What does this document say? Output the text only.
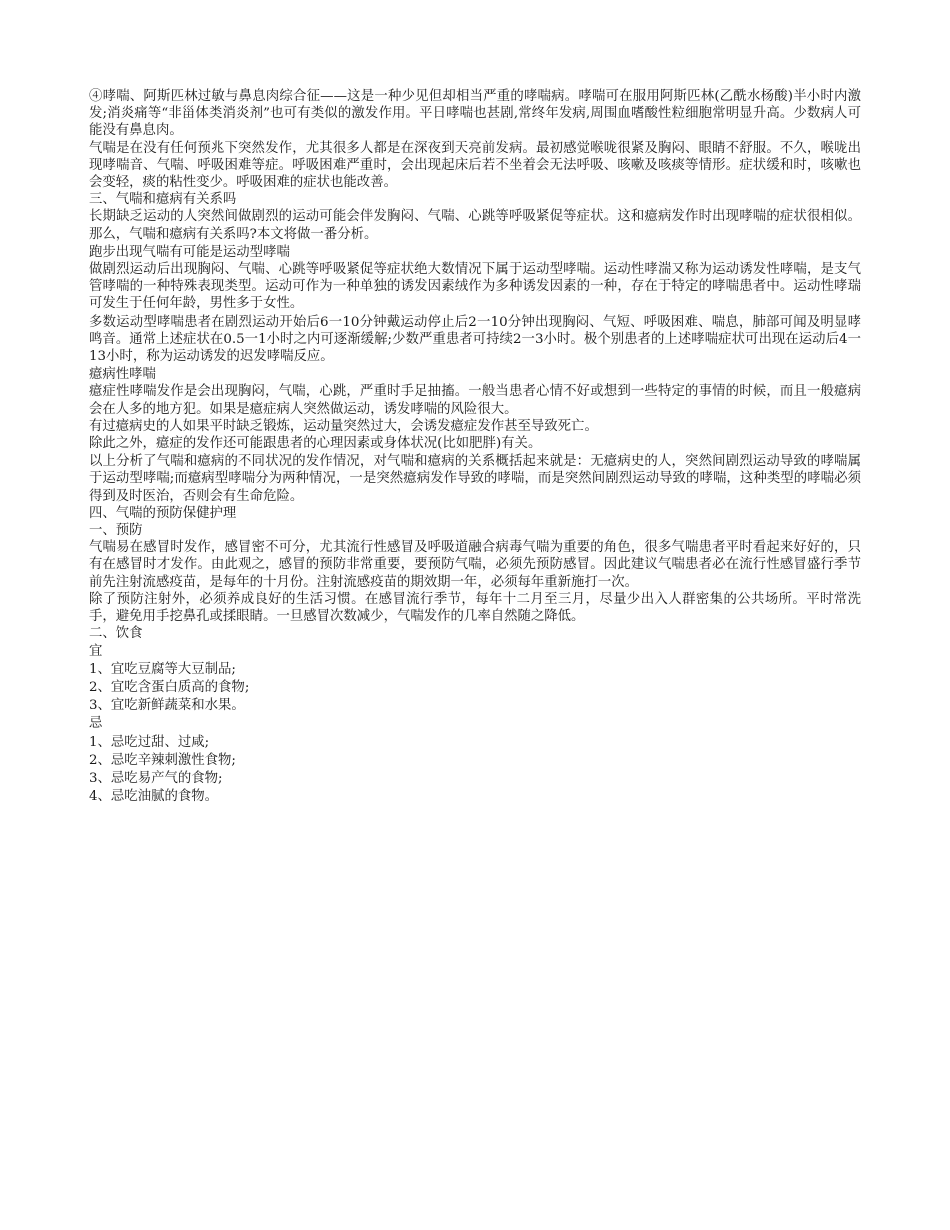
④哮喘、阿斯匹林过敏与鼻息肉综合征——这是一种少见但却相当严重的哮喘病。哮喘可在服用阿斯匹林(乙酰水杨酸)半小时内激发;消炎痛等“非甾体类消炎剂”也可有类似的激发作用。平日哮喘也甚剧,常终年发病,周围血嗜酸性粒细胞常明显升高。少数病人可能没有鼻息肉。

气喘是在没有任何预兆下突然发作，尤其很多人都是在深夜到天亮前发病。最初感觉喉咙很紧及胸闷、眼睛不舒服。不久，喉咙出现哮喘音、气喘、呼吸困难等症。呼吸困难严重时，会出现起床后若不坐着会无法呼吸、咳嗽及咳痰等情形。症状缓和时，咳嗽也会变轻，痰的粘性变少。呼吸困难的症状也能改善。

三、气喘和癔病有关系吗

长期缺乏运动的人突然间做剧烈的运动可能会伴发胸闷、气喘、心跳等呼吸紧促等症状。这和癔病发作时出现哮喘的症状很相似。那么，气喘和癔病有关系吗?本文将做一番分析。

跑步出现气喘有可能是运动型哮喘

做剧烈运动后出现胸闷、气喘、心跳等呼吸紧促等症状绝大数情况下属于运动型哮喘。运动性哮湍又称为运动诱发性哮喘，是支气管哮喘的一种特殊表现类型。运动可作为一种单独的诱发因素绒作为多种诱发因素的一种，存在于特定的哮喘患者中。运动性哮瑞可发生于任何年龄，男性多于女性。

多数运动型哮喘患者在剧烈运动开始后6一10分钟戴运动停止后2一10分钟出现胸闷、气短、呼吸困难、喘息，肺部可闻及明显哮鸣音。通常上述症状在0.5一1小时之内可逐渐缓解;少数严重患者可持续2一3小时。极个别患者的上述哮喘症状可出现在运动后4一13小时，称为运动诱发的迟发哮喘反应。

癔病性哮喘

癔症性哮喘发作是会出现胸闷，气喘，心跳，严重时手足抽搐。一般当患者心情不好或想到一些特定的事情的时候，而且一般癔病会在人多的地方犯。如果是癔症病人突然做运动，诱发哮喘的风险很大。

有过癔病史的人如果平时缺乏锻炼，运动量突然过大，会诱发癔症发作甚至导致死亡。

除此之外，癔症的发作还可能跟患者的心理因素或身体状况(比如肥胖)有关。

以上分析了气喘和癔病的不同状况的发作情况，对气喘和癔病的关系概括起来就是：无癔病史的人，突然间剧烈运动导致的哮喘属于运动型哮喘;而癔病型哮喘分为两种情况，一是突然癔病发作导致的哮喘，而是突然间剧烈运动导致的哮喘，这种类型的哮喘必须得到及时医治，否则会有生命危险。

四、气喘的预防保健护理

一、预防

气喘易在感冒时发作，感冒密不可分，尤其流行性感冒及呼吸道融合病毒气喘为重要的角色，很多气喘患者平时看起来好好的，只有在感冒时才发作。由此观之，感冒的预防非常重要，要预防气喘，必须先预防感冒。因此建议气喘患者必在流行性感冒盛行季节前先注射流感疫苗，是每年的十月份。注射流感疫苗的期效期一年，必须每年重新施打一次。

除了预防注射外，必须养成良好的生活习惯。在感冒流行季节，每年十二月至三月，尽量少出入人群密集的公共场所。平时常洗手，避免用手挖鼻孔或揉眼睛。一旦感冒次数减少，气喘发作的几率自然随之降低。

二、饮食

宜

1、宜吃豆腐等大豆制品;

2、宜吃含蛋白质高的食物;

3、宜吃新鲜蔬菜和水果。

忌

1、忌吃过甜、过咸;

2、忌吃辛辣刺激性食物;

3、忌吃易产气的食物;

4、忌吃油腻的食物。
